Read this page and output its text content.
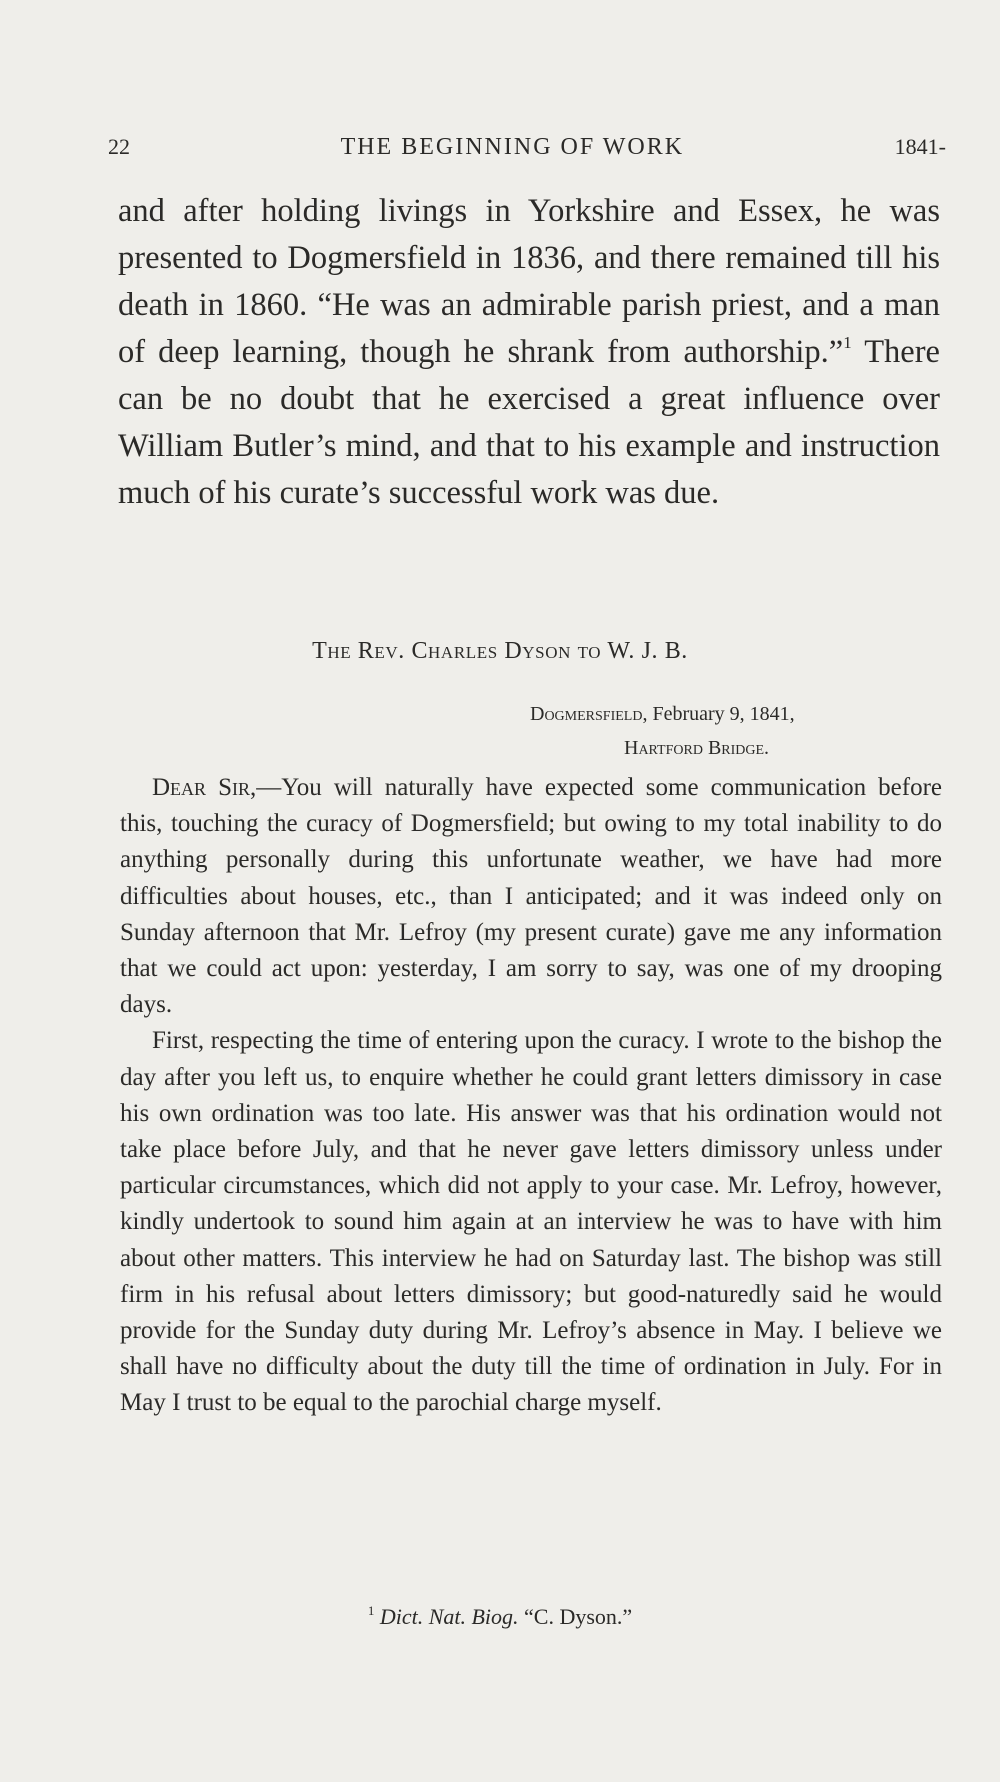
22	THE BEGINNING OF WORK	1841-

and after holding livings in Yorkshire and Essex, he was presented to Dogmersfield in 1836, and there remained till his death in 1860. “He was an admirable parish priest, and a man of deep learning, though he shrank from authorship.”$^1$ There can be no doubt that he exercised a great influence over William Butler’s mind, and that to his example and instruction much of his curate’s successful work was due.

The Rev. Charles Dyson to W. J. B.
Dogmersfield, February 9, 1841,
Hartford Bridge.

Dear Sir,—You will naturally have expected some communication before this, touching the curacy of Dogmersfield; but owing to my total inability to do anything personally during this unfortunate weather, we have had more difficulties about houses, etc., than I anticipated; and it was indeed only on Sunday afternoon that Mr. Lefroy (my present curate) gave me any information that we could act upon: yesterday, I am sorry to say, was one of my drooping days.

First, respecting the time of entering upon the curacy. I wrote to the bishop the day after you left us, to enquire whether he could grant letters dimissory in case his own ordination was too late. His answer was that his ordination would not take place before July, and that he never gave letters dimissory unless under particular circumstances, which did not apply to your case. Mr. Lefroy, however, kindly undertook to sound him again at an interview he was to have with him about other matters. This interview he had on Saturday last. The bishop was still firm in his refusal about letters dimissory; but good-naturedly said he would provide for the Sunday duty during Mr. Lefroy’s absence in May. I believe we shall have no difficulty about the duty till the time of ordination in July. For in May I trust to be equal to the parochial charge myself.

$^1$ Dict. Nat. Biog. “C. Dyson.”
